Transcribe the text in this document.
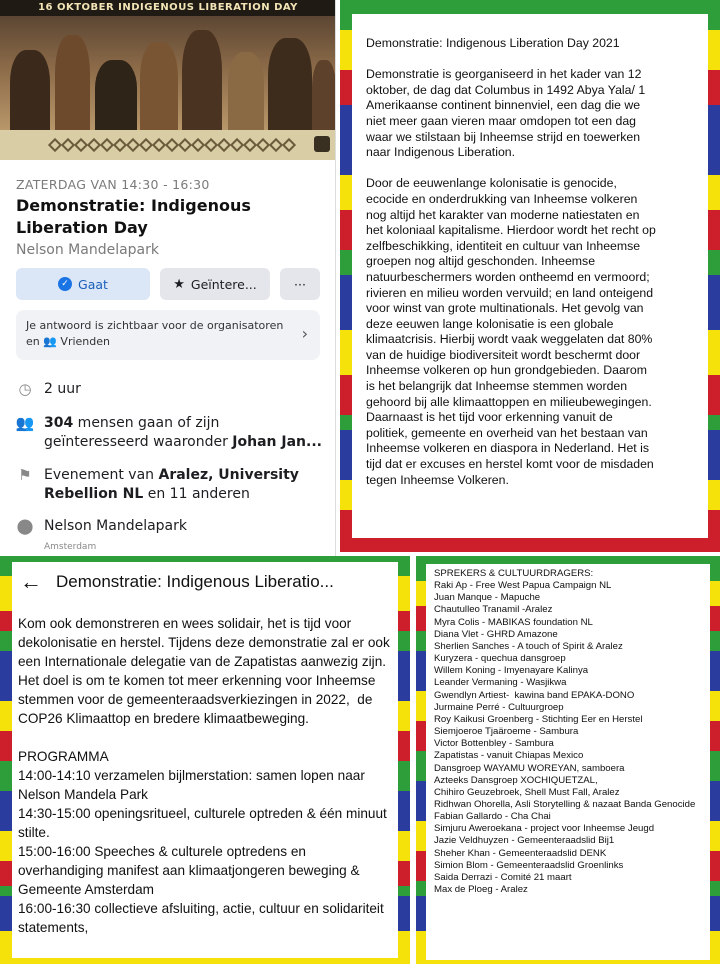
16 OKTOBER INDIGENOUS LIBERATION DAY
ZATERDAG VAN 14:30 - 16:30
Demonstratie: Indigenous Liberation Day
Nelson Mandelapark
✓ Gaat	★ Geïntere...	···
Je antwoord is zichtbaar voor de organisatoren en 👥 Vrienden	›
◷ 2 uur
👥 304 mensen gaan of zijn geïnteresseerd waaronder Johan Jan...
⚑ Evenement van Aralez, University Rebellion NL en 11 anderen
⬤ Nelson Mandelapark
Amsterdam
Demonstratie: Indigenous Liberation Day 2021

Demonstratie is georganiseerd in het kader van 12 oktober, de dag dat Columbus in 1492 Abya Yala/ 1 Amerikaanse continent binnenviel, een dag die we niet meer gaan vieren maar omdopen tot een dag waar we stilstaan bij Inheemse strijd en toewerken naar Indigenous Liberation.

Door de eeuwenlange kolonisatie is genocide, ecocide en onderdrukking van Inheemse volkeren nog altijd het karakter van moderne natiestaten en het koloniaal kapitalisme. Hierdoor wordt het recht op zelfbeschikking, identiteit en cultuur van Inheemse groepen nog altijd geschonden. Inheemse natuurbeschermers worden ontheemd en vermoord; rivieren en milieu worden vervuild; en land onteigend voor winst van grote multinationals. Het gevolg van deze eeuwen lange kolonisatie is een globale klimaatcrisis. Hierbij wordt vaak weggelaten dat 80% van de huidige biodiversiteit wordt beschermt door Inheemse volkeren op hun grondgebieden. Daarom is het belangrijk dat Inheemse stemmen worden gehoord bij alle klimaattoppen en milieubewegingen. Daarnaast is het tijd voor erkenning vanuit de politiek, gemeente en overheid van het bestaan van Inheemse volkeren en diaspora in Nederland. Het is tijd dat er excuses en herstel komt voor de misdaden tegen Inheemse Volkeren.
← Demonstratie: Indigenous Liberatio...
Kom ook demonstreren en wees solidair, het is tijd voor dekolonisatie en herstel. Tijdens deze demonstratie zal er ook een Internationale delegatie van de Zapatistas aanwezig zijn. Het doel is om te komen tot meer erkenning voor Inheemse stemmen voor de gemeenteraadsverkiezingen in 2022,  de COP26 Klimaattop en bredere klimaatbeweging.

PROGRAMMA
14:00-14:10 verzamelen bijlmerstation: samen lopen naar Nelson Mandela Park
14:30-15:00 openingsritueel, culturele optreden & één minuut stilte.
15:00-16:00 Speeches & culturele optredens en overhandiging manifest aan klimaatjongeren beweging & Gemeente Amsterdam
16:00-16:30 collectieve afsluiting, actie, cultuur en solidariteit statements,
SPREKERS & CULTUURDRAGERS:
Raki Ap - Free West Papua Campaign NL
Juan Manque - Mapuche
Chautulleo Tranamil -Aralez
Myra Colis - MABIKAS foundation NL
Diana Vlet - GHRD Amazone
Sherlien Sanches - A touch of Spirit & Aralez
Kuryzera - quechua dansgroep
Willem Koning - Imyenayare Kalinya
Leander Vermaning - Wasjikwa
Gwendlyn Artiest-  kawina band EPAKA-DONO
Jurmaine Perré - Cultuurgroep
Roy Kaikusi Groenberg - Stichting Eer en Herstel
Siemjoeroe Tjaäroeme - Sambura
Victor Bottenbley - Sambura
Zapatistas - vanuit Chiapas Mexico
Dansgroep WAYAMU WOREYAN, samboera
Azteeks Dansgroep XOCHIQUETZAL,
Chihiro Geuzebroek, Shell Must Fall, Aralez
Ridhwan Ohorella, Asli Storytelling & nazaat Banda Genocide
Fabian Gallardo - Cha Chai
Simjuru Aweroekana - project voor Inheemse Jeugd
Jazie Veldhuyzen - Gemeenteraadslid Bij1
Sheher Khan - Gemeenteraadslid DENK
Simion Blom - Gemeenteraadslid Groenlinks
Saida Derrazi - Comité 21 maart
Max de Ploeg - Aralez
